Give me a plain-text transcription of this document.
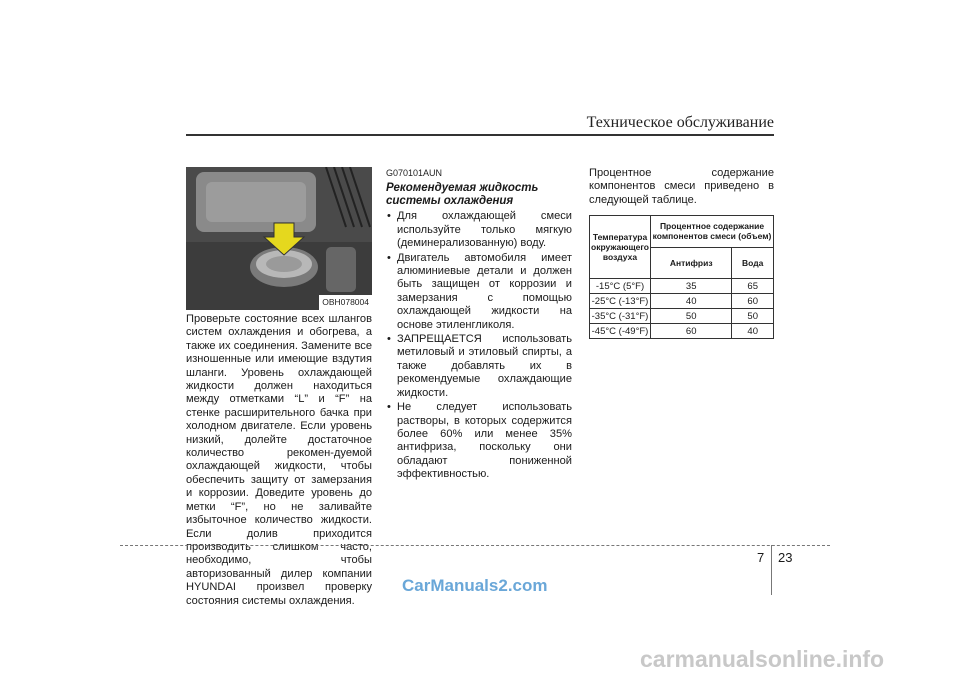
Техническое обслуживание
OBH078004

Проверьте состояние всех шлангов систем охлаждения и обогрева, а также их соединения. Замените все изношенные или имеющие вздутия шланги. Уровень охлаждающей жидкости должен находиться между отметками “L” и “F” на стенке расширительного бачка при холодном двигателе. Если уровень низкий, долейте достаточное количество рекомен-дуемой охлаждающей жидкости, чтобы обеспечить защиту от замерзания и коррозии. Доведите уровень до метки “F”, но не заливайте избыточное количество жидкости. Если долив приходится производить слишком часто, необходимо, чтобы авторизованный дилер компании HYUNDAI произвел проверку состояния системы охлаждения.

G070101AUN

Рекомендуемая жидкость системы охлаждения

• Для охлаждающей смеси используйте только мягкую (деминерализованную) воду.
• Двигатель автомобиля имеет алюминиевые детали и должен быть защищен от коррозии и замерзания с помощью охлаждающей жидкости на основе этиленгликоля.
• ЗАПРЕЩАЕТСЯ использовать метиловый и этиловый спирты, а также добавлять их в рекомендуемые охлаждающие жидкости.
• Не следует использовать растворы, в которых содержится более 60% или менее 35% антифриза, поскольку они обладают пониженной эффективностью.

Процентное содержание компонентов смеси приведено в следующей таблице.

Температура окружающего воздуха	Процентное содержание компонентов смеси (объем)	
	Антифриз	Вода
-15°C (5°F)	35	65
-25°C (-13°F)	40	60
-35°C (-31°F)	50	50
-45°C (-49°F)	60	40
7 23
CarManuals2.com
carmanualsonline.info
